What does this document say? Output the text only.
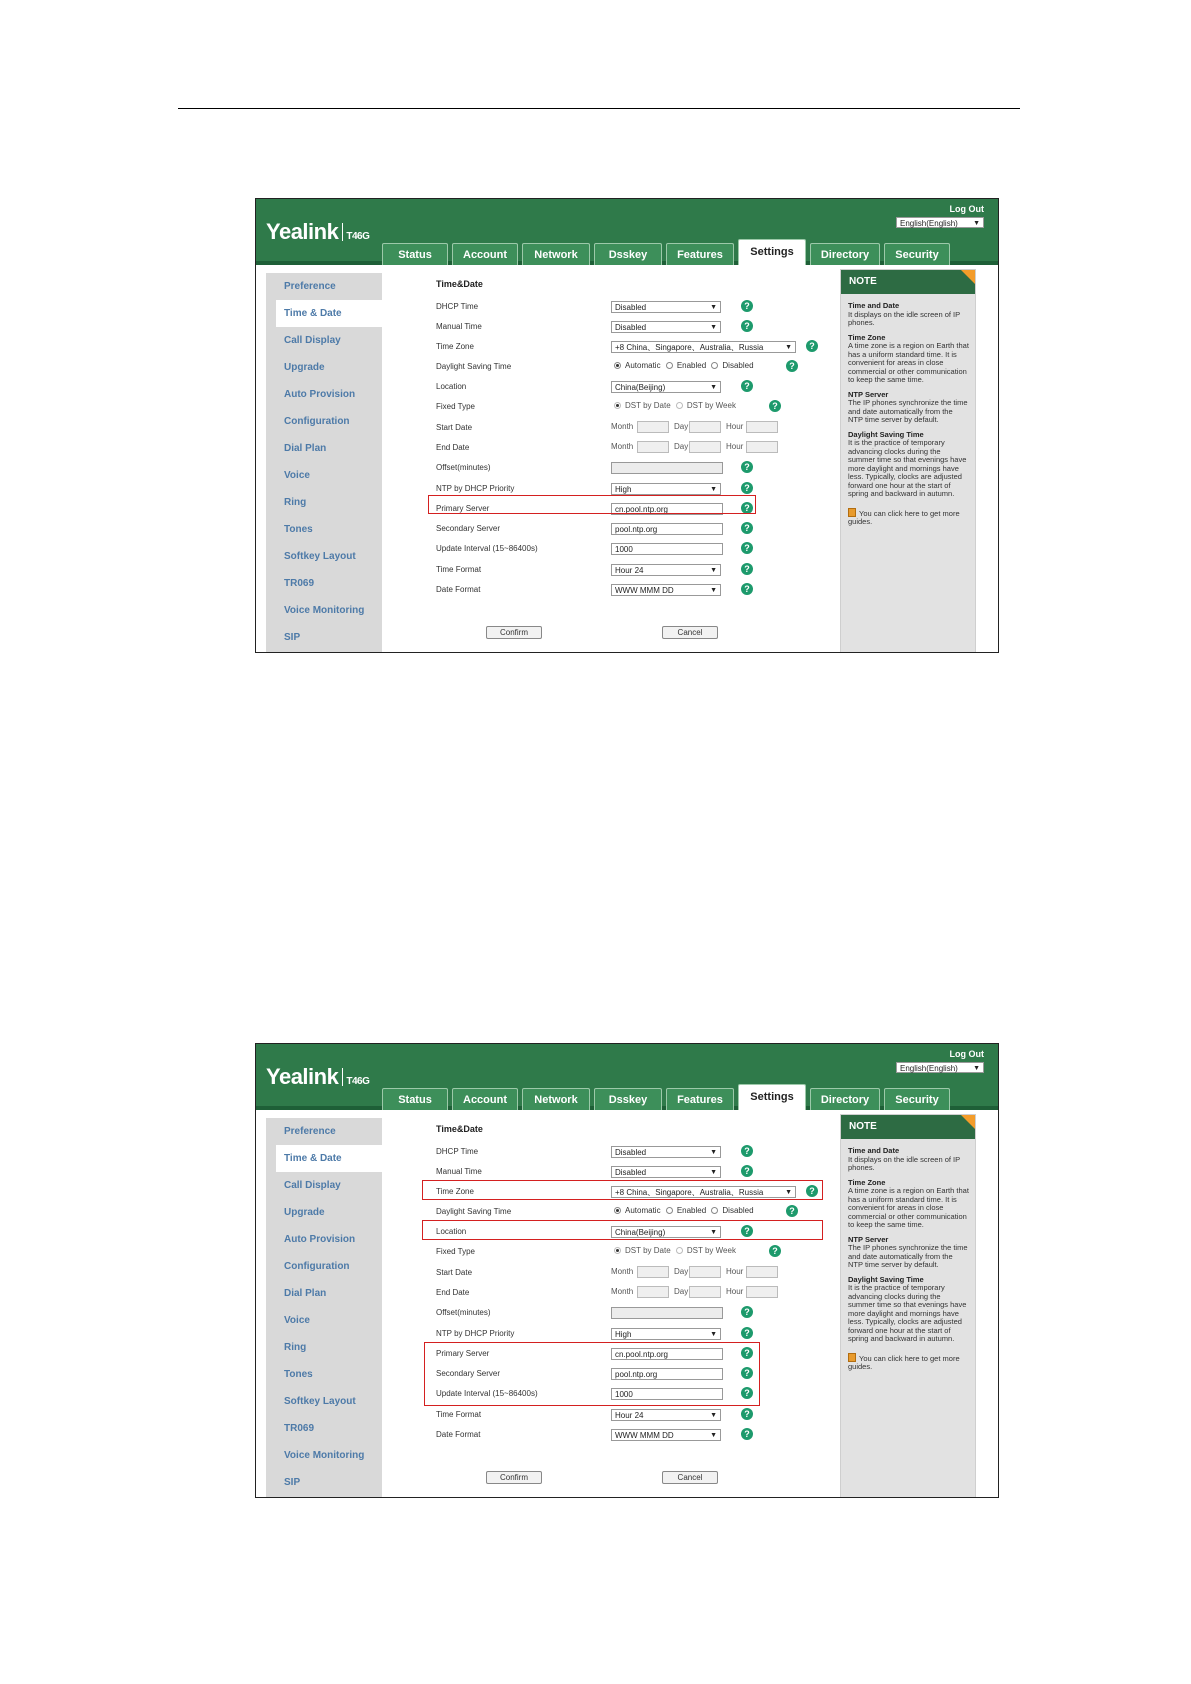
Yealink T46G
Log Out
English(English) ▼
Status	Account	Network	Dsskey	Features	Settings	Directory	Security
Preference
Time & Date
Call Display
Upgrade
Auto Provision
Configuration
Dial Plan
Voice
Ring
Tones
Softkey Layout
TR069
Voice Monitoring
SIP
Time&Date
DHCP Time	Disabled	▼	?
Manual Time	Disabled	▼	?
Time Zone	+8 China、Singapore、Australia、Russia	▼	?
Daylight Saving Time	Automatic Enabled Disabled	?
Location	China(Beijing)	▼	?
Fixed Type	DST by Date DST by Week	?
Start Date	Month	Day	Hour
End Date	Month	Day	Hour
Offset(minutes)	?
NTP by DHCP Priority	High	▼	?
Primary Server	cn.pool.ntp.org	?
Secondary Server	pool.ntp.org	?
Update Interval (15~86400s)	1000	?
Time Format	Hour 24	▼	?
Date Format	WWW MMM DD	▼	?
Confirm	Cancel
NOTE
Time and Date
It displays on the idle screen of IP phones.
Time Zone
A time zone is a region on Earth that has a uniform standard time. It is convenient for areas in close commercial or other communication to keep the same time.
NTP Server
The IP phones synchronize the time and date automatically from the NTP time server by default.
Daylight Saving Time
It is the practice of temporary advancing clocks during the summer time so that evenings have more daylight and mornings have less. Typically, clocks are adjusted forward one hour at the start of spring and backward in autumn.
You can click here to get more guides.
Yealink T46G
Log Out
English(English) ▼
Status	Account	Network	Dsskey	Features	Settings	Directory	Security
Preference
Time & Date
Call Display
Upgrade
Auto Provision
Configuration
Dial Plan
Voice
Ring
Tones
Softkey Layout
TR069
Voice Monitoring
SIP
Time&Date
DHCP Time	Disabled	▼	?
Manual Time	Disabled	▼	?
Time Zone	+8 China、Singapore、Australia、Russia	▼	?
Daylight Saving Time	Automatic Enabled Disabled	?
Location	China(Beijing)	▼	?
Fixed Type	DST by Date DST by Week	?
Start Date	Month	Day	Hour
End Date	Month	Day	Hour
Offset(minutes)	?
NTP by DHCP Priority	High	▼	?
Primary Server	cn.pool.ntp.org	?
Secondary Server	pool.ntp.org	?
Update Interval (15~86400s)	1000	?
Time Format	Hour 24	▼	?
Date Format	WWW MMM DD	▼	?
Confirm	Cancel
NOTE
Time and Date
It displays on the idle screen of IP phones.
Time Zone
A time zone is a region on Earth that has a uniform standard time. It is convenient for areas in close commercial or other communication to keep the same time.
NTP Server
The IP phones synchronize the time and date automatically from the NTP time server by default.
Daylight Saving Time
It is the practice of temporary advancing clocks during the summer time so that evenings have more daylight and mornings have less. Typically, clocks are adjusted forward one hour at the start of spring and backward in autumn.
You can click here to get more guides.
